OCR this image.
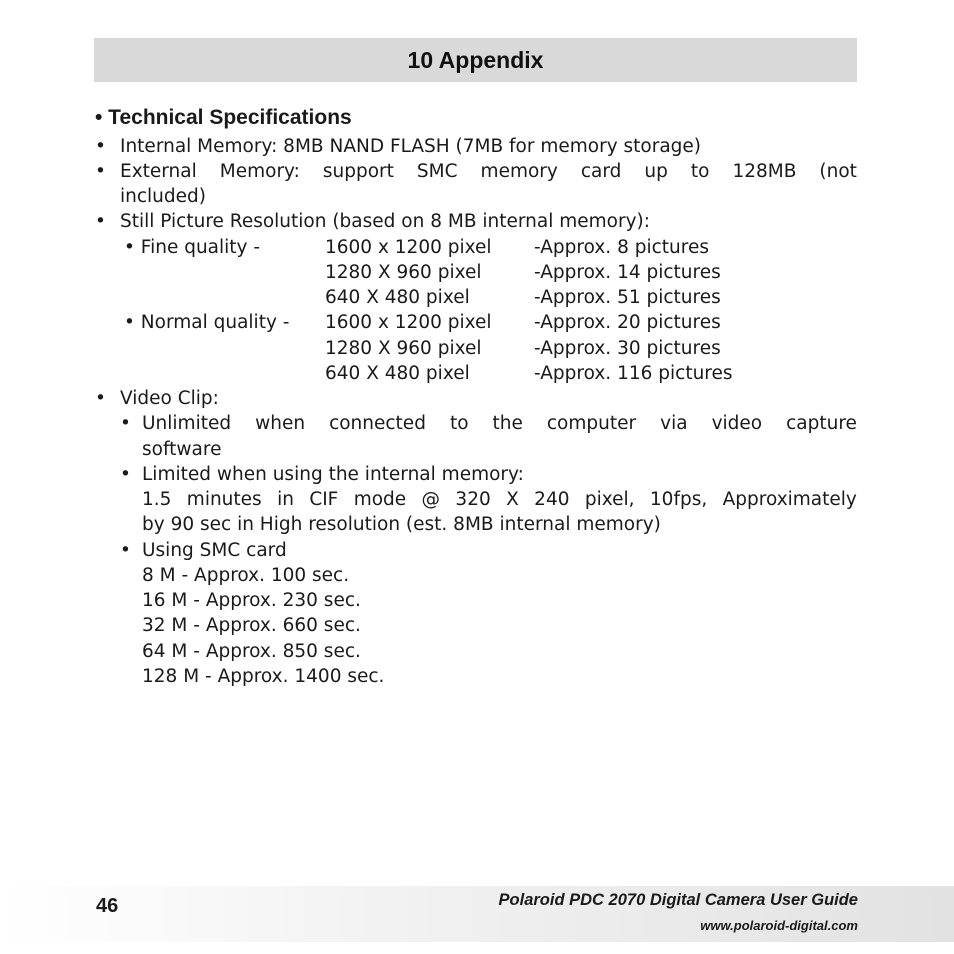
10 Appendix
• Technical Specifications
• Internal Memory: 8MB NAND FLASH (7MB for memory storage)
• External Memory: support SMC memory card up to 128MB (not
included)
• Still Picture Resolution (based on 8 MB internal memory):
• Fine quality -	1600 x 1200 pixel -Approx. 8 pictures
1280 X 960 pixel	-Approx. 14 pictures
640 X 480 pixel	-Approx. 51 pictures
• Normal quality - 1600 x 1200 pixel -Approx. 20 pictures
1280 X 960 pixel	-Approx. 30 pictures
640 X 480 pixel	-Approx. 116 pictures
• Video Clip:
• Unlimited when connected to the computer via video capture
software
• Limited when using the internal memory:
1.5 minutes in CIF mode @ 320 X 240 pixel, 10fps, Approximately
by 90 sec in High resolution (est. 8MB internal memory)
• Using SMC card
8 M - Approx. 100 sec.
16 M - Approx. 230 sec.
32 M - Approx. 660 sec.
64 M - Approx. 850 sec.
128 M - Approx. 1400 sec.
46	Polaroid PDC 2070 Digital Camera User Guide
www.polaroid-digital.com
